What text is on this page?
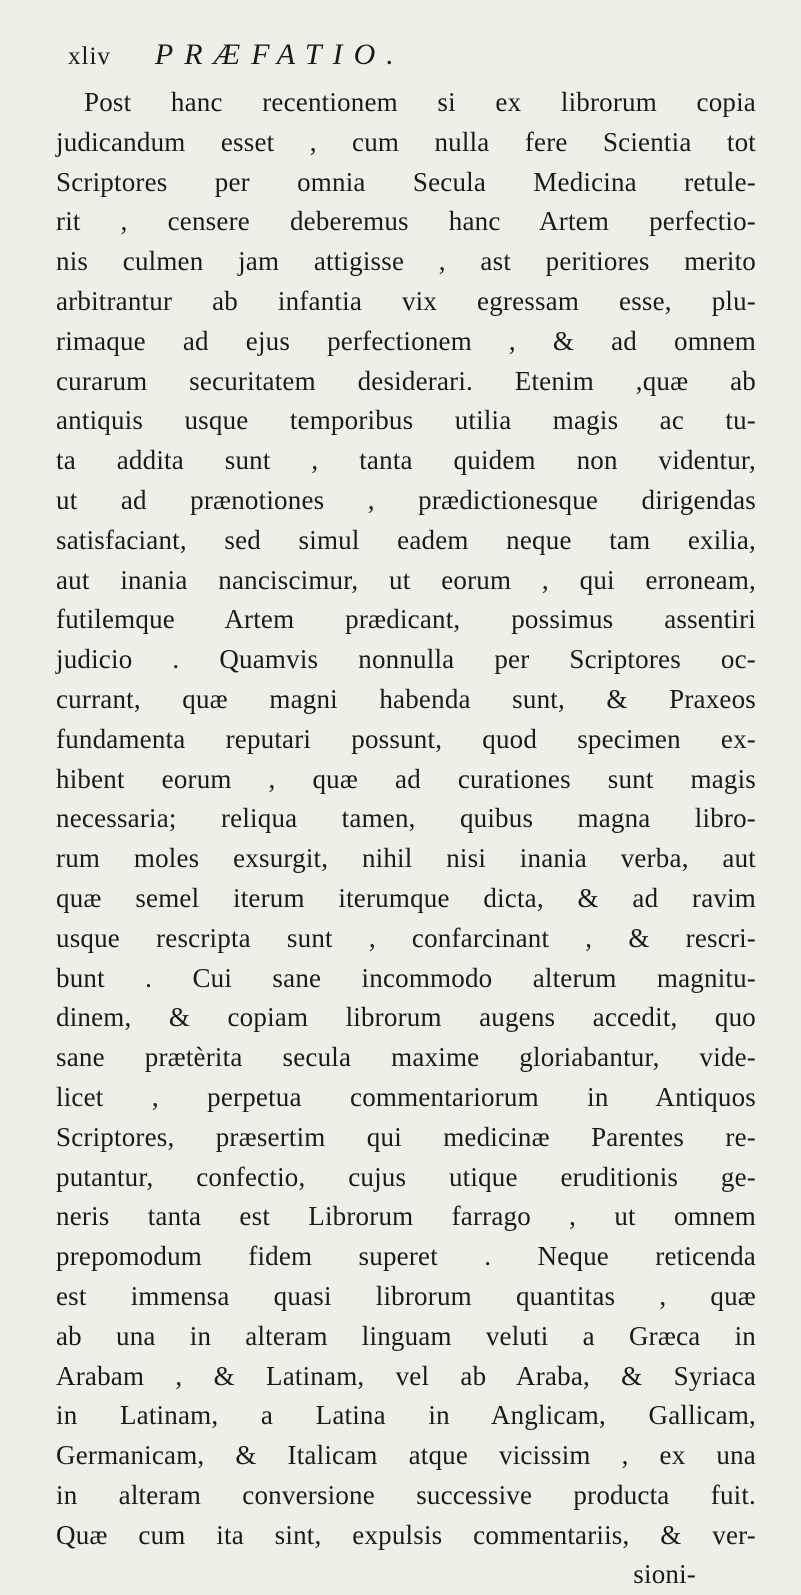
xliv PRÆFATIO.
Post hanc recentionem si ex librorum copia
judicandum esset , cum nulla fere Scientia tot
Scriptores per omnia Secula Medicina retule-
rit , censere deberemus hanc Artem perfectio-
nis culmen jam attigisse , ast peritiores merito
arbitrantur ab infantia vix egressam esse, plu-
rimaque ad ejus perfectionem , & ad omnem
curarum securitatem desiderari. Etenim ,quæ ab
antiquis usque temporibus utilia magis ac tu-
ta addita sunt , tanta quidem non videntur,
ut ad prænotiones , prædictionesque dirigendas
satisfaciant, sed simul eadem neque tam exilia,
aut inania nanciscimur, ut eorum , qui erroneam,
futilemque Artem prædicant, possimus assentiri
judicio . Quamvis nonnulla per Scriptores oc-
currant, quæ magni habenda sunt, & Praxeos
fundamenta reputari possunt, quod specimen ex-
hibent eorum , quæ ad curationes sunt magis
necessaria; reliqua tamen, quibus magna libro-
rum moles exsurgit, nihil nisi inania verba, aut
quæ semel iterum iterumque dicta, & ad ravim
usque rescripta sunt , confarcinant , & rescri-
bunt . Cui sane incommodo alterum magnitu-
dinem, & copiam librorum augens accedit, quo
sane prætèrita secula maxime gloriabantur, vide-
licet , perpetua commentariorum in Antiquos
Scriptores, præsertim qui medicinæ Parentes re-
putantur, confectio, cujus utique eruditionis ge-
neris tanta est Librorum farrago , ut omnem
prepomodum fidem superet . Neque reticenda
est immensa quasi librorum quantitas , quæ
ab una in alteram linguam veluti a Græca in
Arabam , & Latinam, vel ab Araba, & Syriaca
in Latinam, a Latina in Anglicam, Gallicam,
Germanicam, & Italicam atque vicissim , ex una
in alteram conversione successive producta fuit.
Quæ cum ita sint, expulsis commentariis, & ver-
sioni-
